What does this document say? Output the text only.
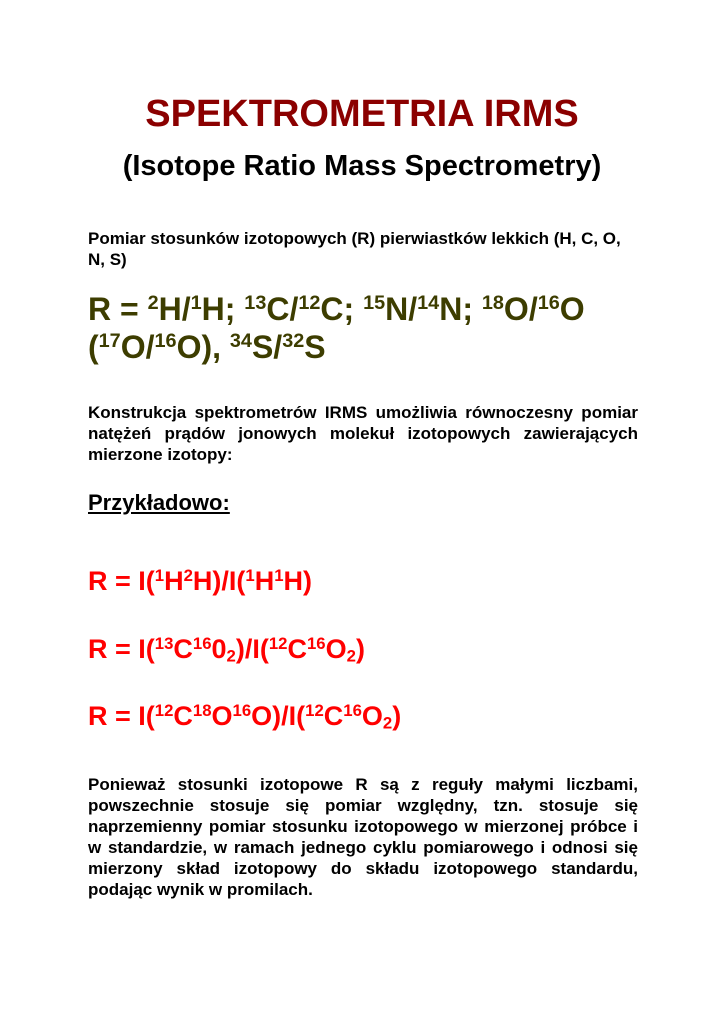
SPEKTROMETRIA IRMS
(Isotope Ratio Mass Spectrometry)
Pomiar stosunków izotopowych (R) pierwiastków lekkich (H, C, O, N, S)
R = $^2$H/$^1$H; $^{13}$C/$^{12}$C; $^{15}$N/$^{14}$N; $^{18}$O/$^{16}$O ($^{17}$O/$^{16}$O), $^{34}$S/$^{32}$S
Konstrukcja spektrometrów IRMS umożliwia równoczesny pomiar natężeń prądów jonowych molekuł izotopowych zawierających mierzone izotopy:
Przykładowo:
$R = I(^1H^2H)/I(^1H^1H)$
$R = I(^{13}C^{16}0_2)/I(^{12}C^{16}O_2)$
$R = I(^{12}C^{18}O^{16}O)/I(^{12}C^{16}O_2)$
Ponieważ stosunki izotopowe R są z reguły małymi liczbami, powszechnie stosuje się pomiar względny, tzn. stosuje się naprzemienny pomiar stosunku izotopowego w mierzonej próbce i w standardzie, w ramach jednego cyklu pomiarowego i odnosi się mierzony skład izotopowy do składu izotopowego standardu, podając wynik w promilach.
